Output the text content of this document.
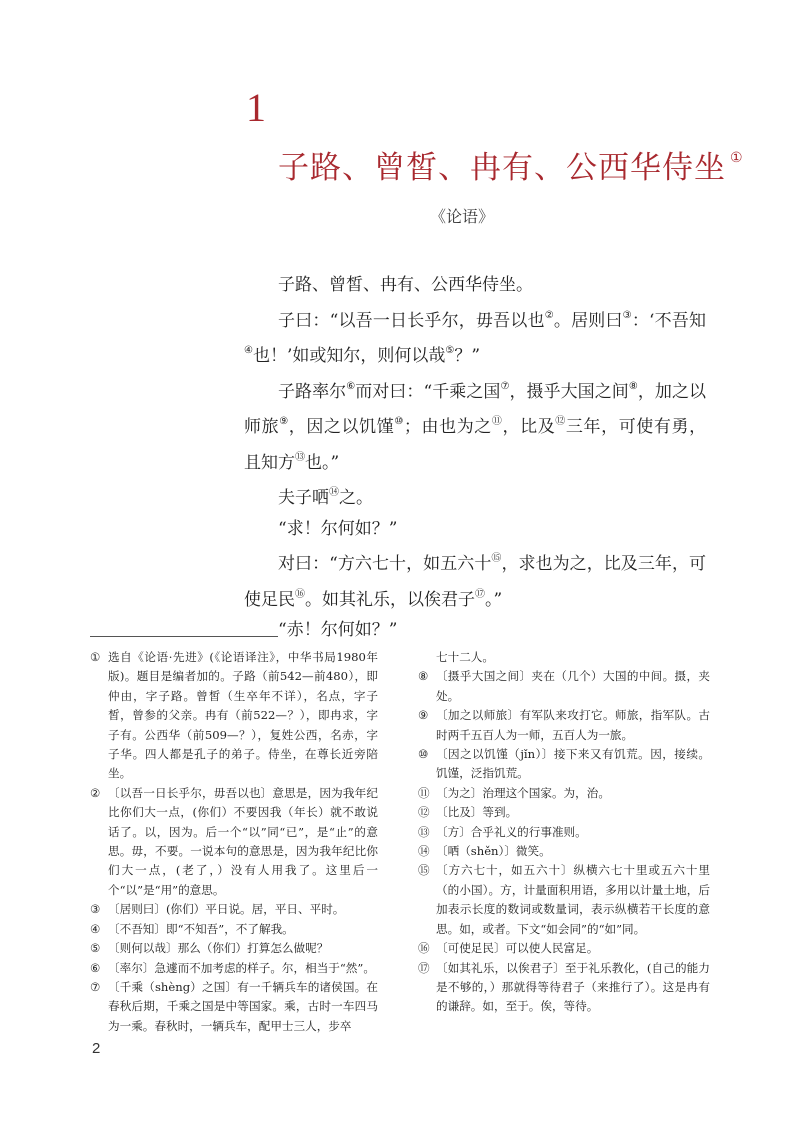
1
子路、曾皙、冉有、公西华侍坐 ①
《论语》

子路、曾皙、冉有、公西华侍坐。

子曰：“以吾一日长乎尔，毋吾以也②。居则曰③：‘不吾知④也！’如或知尔，则何以哉⑤？”

子路率尔⑥而对曰：“千乘之国⑦，摄乎大国之间⑧，加之以师旅⑨，因之以饥馑⑩；由也为之⑪，比及⑫三年，可使有勇，且知方⑬也。”

夫子哂⑭之。

“求！尔何如？”

对曰：“方六七十，如五六十⑮，求也为之，比及三年，可使足民⑯。如其礼乐，以俟君子⑰。”

“赤！尔何如？”

① 选自《论语·先进》(《论语译注》，中华书局1980年版)。题目是编者加的。子路（前542—前480），即仲由，字子路。曾皙（生卒年不详），名点，字子皙，曾参的父亲。冉有（前522—？），即冉求，字子有。公西华（前509—？），复姓公西，名赤，字子华。四人都是孔子的弟子。侍坐，在尊长近旁陪坐。
② 〔以吾一日长乎尔，毋吾以也〕意思是，因为我年纪比你们大一点，(你们）不要因我（年长）就不敢说话了。以，因为。后一个“以”同“已”，是“止”的意思。毋，不要。一说本句的意思是，因为我年纪比你们大一点，(老了，）没有人用我了。这里后一个“以”是“用”的意思。
③ 〔居则曰〕(你们）平日说。居，平日、平时。
④ 〔不吾知〕即“不知吾”，不了解我。
⑤ 〔则何以哉〕那么（你们）打算怎么做呢？
⑥ 〔率尔〕急遽而不加考虑的样子。尔，相当于“然”。
⑦ 〔千乘（shèng）之国〕有一千辆兵车的诸侯国。在春秋后期，千乘之国是中等国家。乘，古时一车四马为一乘。春秋时，一辆兵车，配甲士三人，步卒
七十二人。
⑧ 〔摄乎大国之间〕夹在（几个）大国的中间。摄，夹处。
⑨ 〔加之以师旅〕有军队来攻打它。师旅，指军队。古时两千五百人为一师，五百人为一旅。
⑩ 〔因之以饥馑（jǐn）〕接下来又有饥荒。因，接续。饥馑，泛指饥荒。
⑪ 〔为之〕治理这个国家。为，治。
⑫ 〔比及〕等到。
⑬ 〔方〕合乎礼义的行事准则。
⑭ 〔哂（shěn）〕微笑。
⑮ 〔方六七十，如五六十〕纵横六七十里或五六十里（的小国）。方，计量面积用语，多用以计量土地，后加表示长度的数词或数量词，表示纵横若干长度的意思。如，或者。下文“如会同”的“如”同。
⑯ 〔可使足民〕可以使人民富足。
⑰ 〔如其礼乐，以俟君子〕至于礼乐教化，(自己的能力是不够的，）那就得等待君子（来推行了）。这是冉有的谦辞。如，至于。俟，等待。
2
